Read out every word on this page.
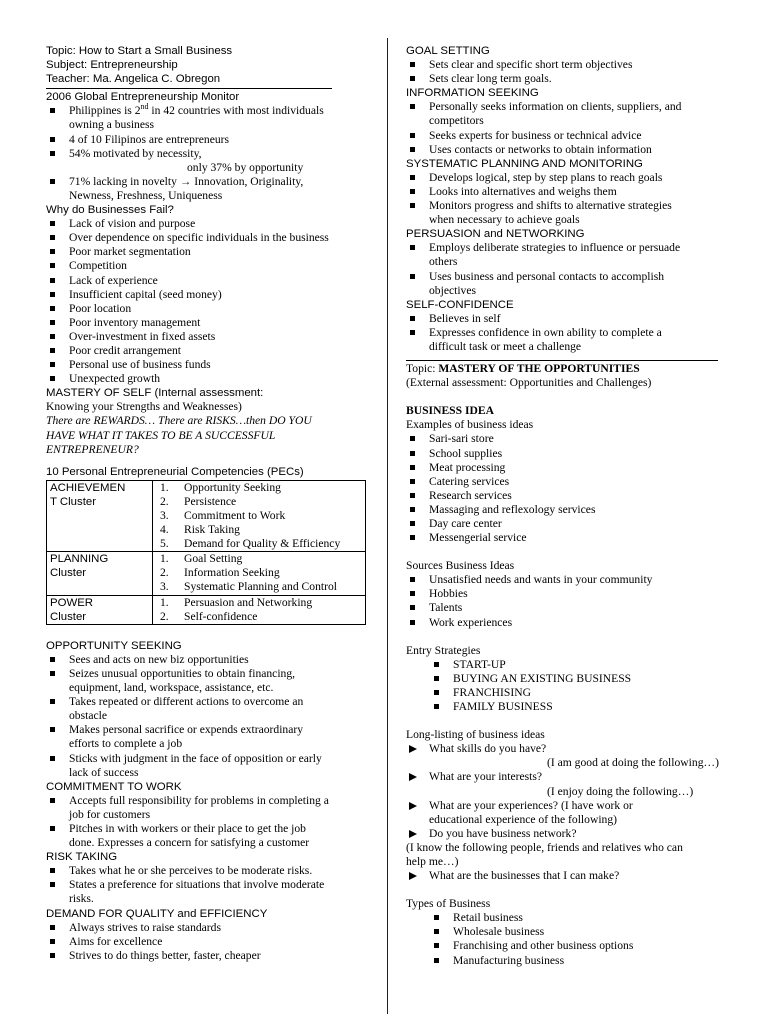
Topic: How to Start a Small Business
Subject: Entrepreneurship
Teacher: Ma. Angelica C. Obregon
2006 Global Entrepreneurship Monitor
Philippines is 2nd in 42 countries with most individuals
owning a business
4 of 10 Filipinos are entrepreneurs
54% motivated by necessity,
only 37% by opportunity
71% lacking in novelty → Innovation, Originality,
Newness, Freshness, Uniqueness
Why do Businesses Fail?
Lack of vision and purpose
Over dependence on specific individuals in the business
Poor market segmentation
Competition
Lack of experience
Insufficient capital (seed money)
Poor location
Poor inventory management
Over-investment in fixed assets
Poor credit arrangement
Personal use of business funds
Unexpected growth
MASTERY OF SELF (Internal assessment:
Knowing your Strengths and Weaknesses)
There are REWARDS… There are RISKS…then DO YOU
HAVE WHAT IT TAKES TO BE A SUCCESSFUL
ENTREPRENEUR?
10 Personal Entrepreneurial Competencies (PECs)
ACHIEVEMEN
T Cluster	1. Opportunity Seeking
2. Persistence
3. Commitment to Work
4. Risk Taking
5. Demand for Quality & Efficiency

PLANNING
Cluster	1. Goal Setting
2. Information Seeking
3. Systematic Planning and Control

POWER
Cluster	1. Persuasion and Networking
2. Self-confidence
OPPORTUNITY SEEKING
Sees and acts on new biz opportunities
Seizes unusual opportunities to obtain financing,
equipment, land, workspace, assistance, etc.
Takes repeated or different actions to overcome an
obstacle
Makes personal sacrifice or expends extraordinary
efforts to complete a job
Sticks with judgment in the face of opposition or early
lack of success
COMMITMENT TO WORK
Accepts full responsibility for problems in completing a
job for customers
Pitches in with workers or their place to get the job
done. Expresses a concern for satisfying a customer
RISK TAKING
Takes what he or she perceives to be moderate risks.
States a preference for situations that involve moderate
risks.
DEMAND FOR QUALITY and EFFICIENCY
Always strives to raise standards
Aims for excellence
Strives to do things better, faster, cheaper
GOAL SETTING
Sets clear and specific short term objectives
Sets clear long term goals.
INFORMATION SEEKING
Personally seeks information on clients, suppliers, and
competitors
Seeks experts for business or technical advice
Uses contacts or networks to obtain information
SYSTEMATIC PLANNING AND MONITORING
Develops logical, step by step plans to reach goals
Looks into alternatives and weighs them
Monitors progress and shifts to alternative strategies
when necessary to achieve goals
PERSUASION and NETWORKING
Employs deliberate strategies to influence or persuade
others
Uses business and personal contacts to accomplish
objectives
SELF-CONFIDENCE
Believes in self
Expresses confidence in own ability to complete a
difficult task or meet a challenge
Topic: MASTERY OF THE OPPORTUNITIES
(External assessment: Opportunities and Challenges)
BUSINESS IDEA
Examples of business ideas
Sari-sari store
School supplies
Meat processing
Catering services
Research services
Massaging and reflexology services
Day care center
Messengerial service
Sources Business Ideas
Unsatisfied needs and wants in your community
Hobbies
Talents
Work experiences
Entry Strategies
START-UP
BUYING AN EXISTING BUSINESS
FRANCHISING
FAMILY BUSINESS
Long-listing of business ideas
What skills do you have?
(I am good at doing the following…)
What are your interests?
(I enjoy doing the following…)
What are your experiences? (I have work or
educational experience of the following)
Do you have business network?
(I know the following people, friends and relatives who can
help me…)
What are the businesses that I can make?
Types of Business
Retail business
Wholesale business
Franchising and other business options
Manufacturing business
